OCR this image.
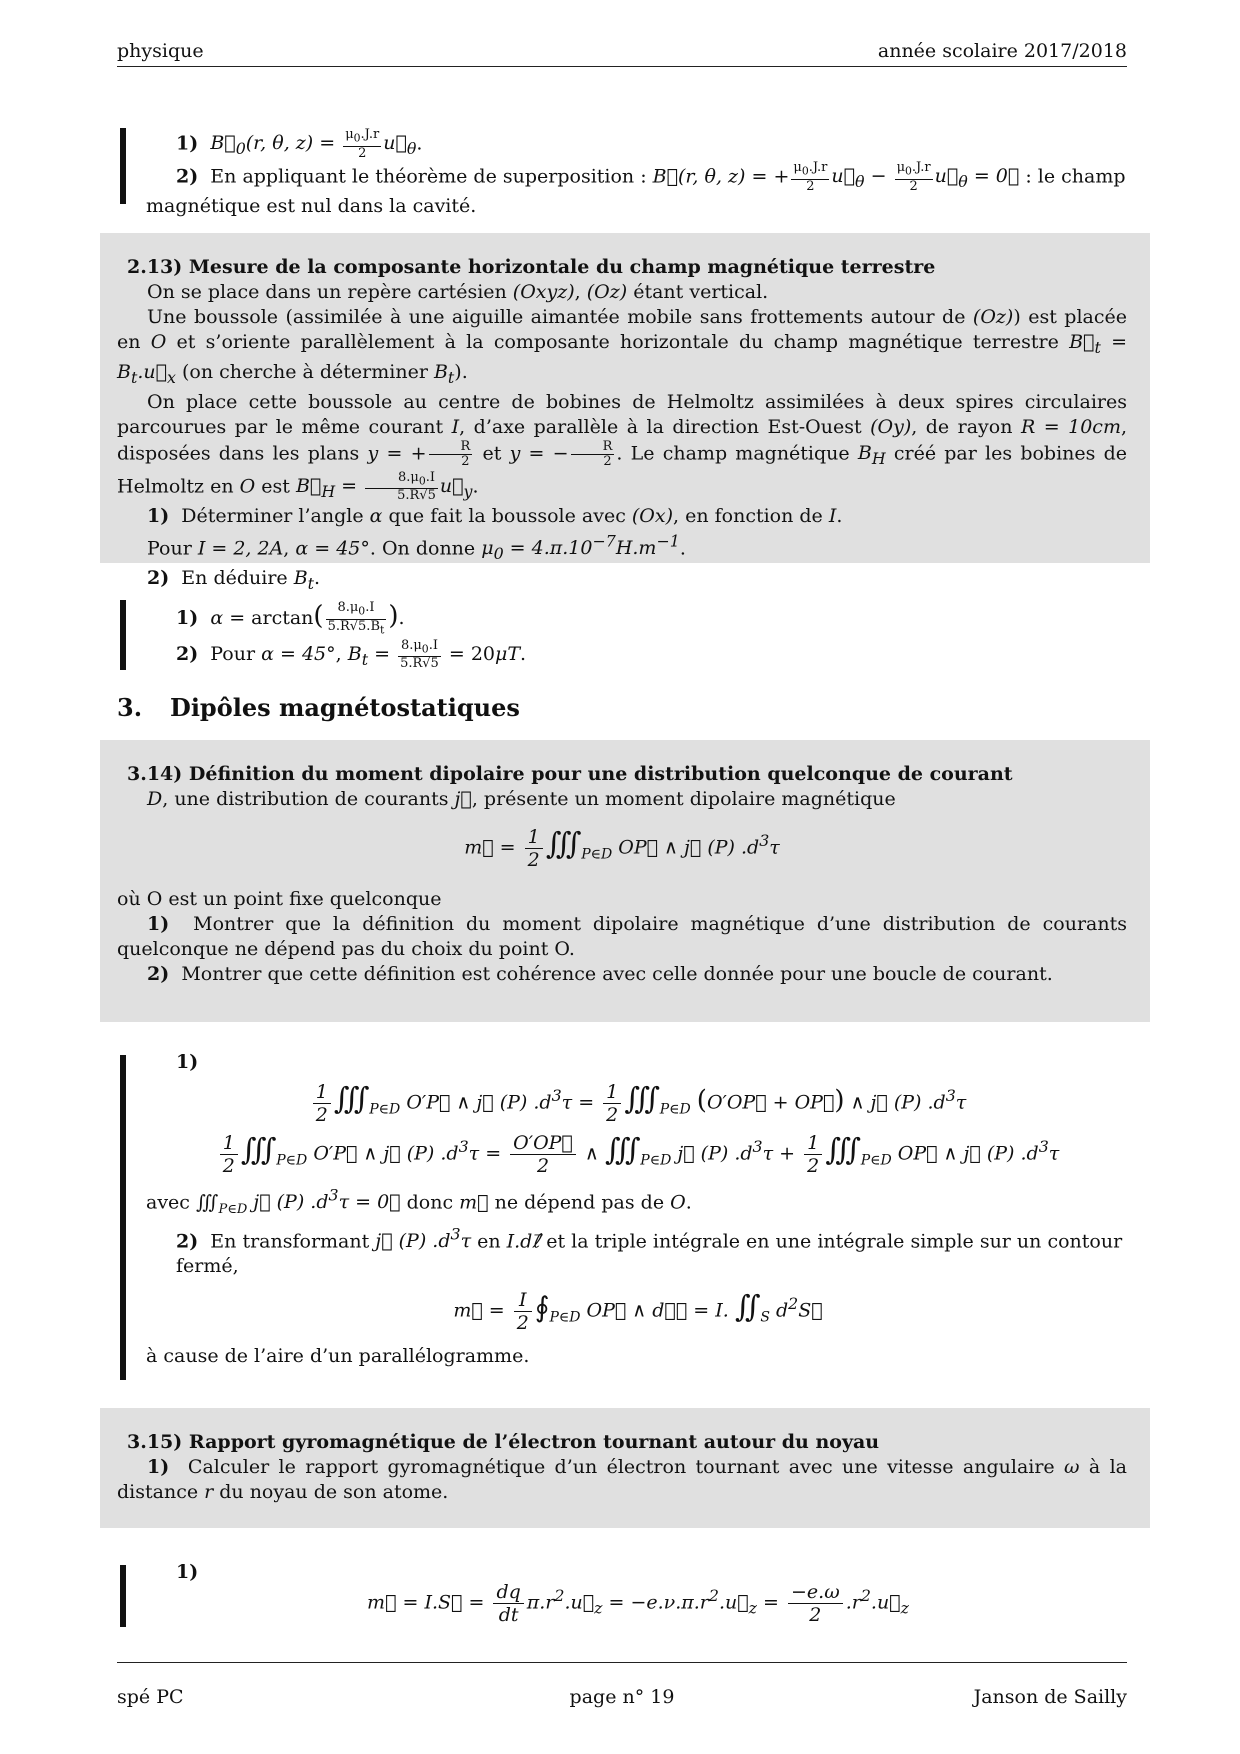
physique	année scolaire 2017/2018
1) $B⃗_0(r$, θ, $z) = \frac{\mu_0.J.r}{2}$ $u⃗_\theta$.
2)  En appliquant le théorème de superposition : B⃗(r, θ, z) = + $\frac{\mu_0.J.r}{2}$ $u⃗_\theta - \frac{\mu_0.J.r}{2}$ $u⃗_\theta$ = 0⃗ : le champ
magnétique est nul dans la cavité.
2.13) Mesure de la composante horizontale du champ magnétique terrestre

On se place dans un repère cartésien (Oxyz), (Oz) étant vertical.

Une boussole (assimilée à une aiguille aimantée mobile sans frottements autour de (Oz)) est placée en O et s’oriente parallèlement à la composante horizontale du champ magnétique terrestre $B⃗_t$ = $B_t.u⃗_x$ (on cherche à déterminer $B_t$).

On place cette boussole au centre de bobines de Helmoltz assimilées à deux spires circulaires parcourues par le même courant I, d’axe parallèle à la direction Est-Ouest (Oy), de rayon R = 10cm, disposées dans les plans y = + $\frac{R}{2}$ et y = − $\frac{R}{2}$ . Le champ magnétique $B_H$ créé par les bobines de Helmoltz en O est $B⃗_H = \frac{8.\mu_0.I}{5.R√5}$ $u⃗_y$.

1)  Déterminer l’angle α que fait la boussole avec (Ox), en fonction de I.

Pour I = 2, 2A, α = 45°. On donne $\mu_0 = 4.\pi.10^{-7}H.m^{-1}$.

2)  En déduire $B_t$.

1) $\alpha = \arctan( \frac{8.\mu_0.I}{5.R√5.B_t}$ ).
2)  Pour α = 45°, $B_t = \frac{8.\mu_0.I}{5.R√5} = 20\mu T$.
3. Dipôles magnétostatiques
3.14) Définition du moment dipolaire pour une distribution quelconque de courant

D, une distribution de courants j⃗, présente un moment dipolaire magnétique

m⃗ = $\frac{1}{2}$ $∭_{P\in D}$ OP⃗ ∧ j⃗ (P) $.d^3\tau$

où O est un point fixe quelconque

1) Montrer que la définition du moment dipolaire magnétique d’une distribution de courants quelconque ne dépend pas du choix du point O.

2) Montrer que cette définition est cohérence avec celle donnée pour une boucle de courant.

1)
$\frac{1}{2}$ $∭_{P\in D}$ O′P⃗ ∧ j⃗ (P) $.d^3\tau = \frac{1}{2}$ $∭_{P\in D}$ (O′OP⃗ + OP⃗) ∧ j⃗ (P) $.d^3\tau$
$\frac{1}{2}$ $∭_{P\in D}$ O′P⃗ ∧ j⃗ (P) $.d^3\tau = \frac{O'OP⃗}{2}$ ∧ $∭_{P\in D}$ j⃗ (P) $.d^3\tau + \frac{1}{2}$ $∭_{P\in D}$ OP⃗ ∧ j⃗ (P) $.d^3\tau$
avec $∭_{P\in D}$ j⃗ (P) $.d^3\tau$ = 0⃗ donc m⃗ ne dépend pas de O.
2)  En transformant j⃗ (P) $.d^3\tau$ en I.dℓ⃗ et la triple intégrale en une intégrale simple sur un contour fermé,
m⃗ = $\frac{I}{2}$ $∮_{P\in D}$ OP⃗ ∧ dℓ⃗ = I. $∬_S$ $d^2S⃗$
à cause de l’aire d’un parallélogramme.
3.15) Rapport gyromagnétique de l’électron tournant autour du noyau

1)  Calculer le rapport gyromagnétique d’un électron tournant avec une vitesse angulaire ω à la distance r du noyau de son atome.

1)
m⃗ = I.S⃗ = $\frac{dq}{dt}$ $\pi.r^2.u⃗_z$ = $-e.\nu.\pi.r^2.u⃗_z = \frac{-e.\omega}{2}$ $.r^2.u⃗_z$
spé PC	page n° 19	Janson de Sailly
